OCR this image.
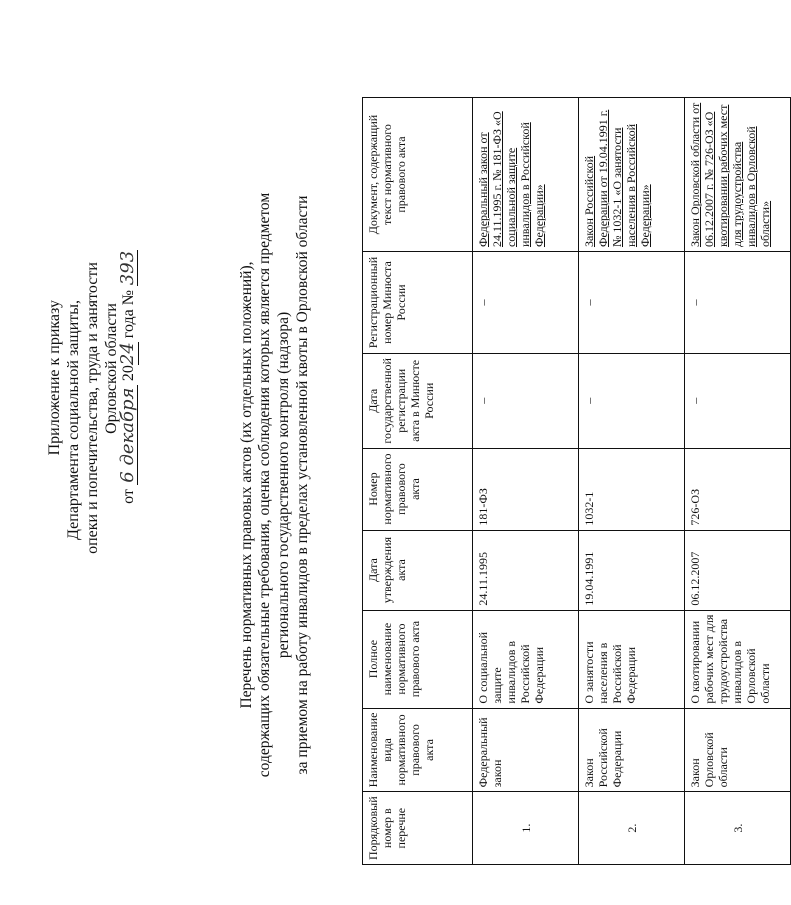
Приложение к приказу Департамента социальной защиты, опеки и попечительства, труда и занятости Орловской области
от 6 декабря 2024 года № 393	Перечень нормативных правовых актов (их отдельных положений), содержащих обязательные требования, оценка соблюдения которых является предметом регионального государственного контроля (надзора) за приемом на работу инвалидов в пределах установленной квоты в Орловской области
Порядковый номер в перечне	Наименование вида нормативного правового акта	Полное наименование нормативного правового акта	Дата утверждения акта	Номер нормативного правового акта	Дата государственной регистрации акта в Минюсте России	Регистрационный номер Минюста России	Документ, содержащий текст нормативного правового акта
1.	Федеральный закон	О социальной защите инвалидов в Российской Федерации	24.11.1995	181-ФЗ	–	–	Федеральный закон от 24.11.1995 г. № 181-ФЗ «О социальной защите инвалидов в Российской Федерации»
2.	Закон Российской Федерации	О занятости населения в Российской Федерации	19.04.1991	1032-1	–	–	Закон Российской Федерации от 19.04.1991 г. № 1032-1 «О занятости населения в Российской Федерации»
3.	Закон Орловской области	О квотировании рабочих мест для трудоустройства инвалидов в Орловской области	06.12.2007	726-ОЗ	–	–	Закон Орловской области от 06.12.2007 г. № 726-ОЗ «О квотировании рабочих мест для трудоустройства инвалидов в Орловской области»
